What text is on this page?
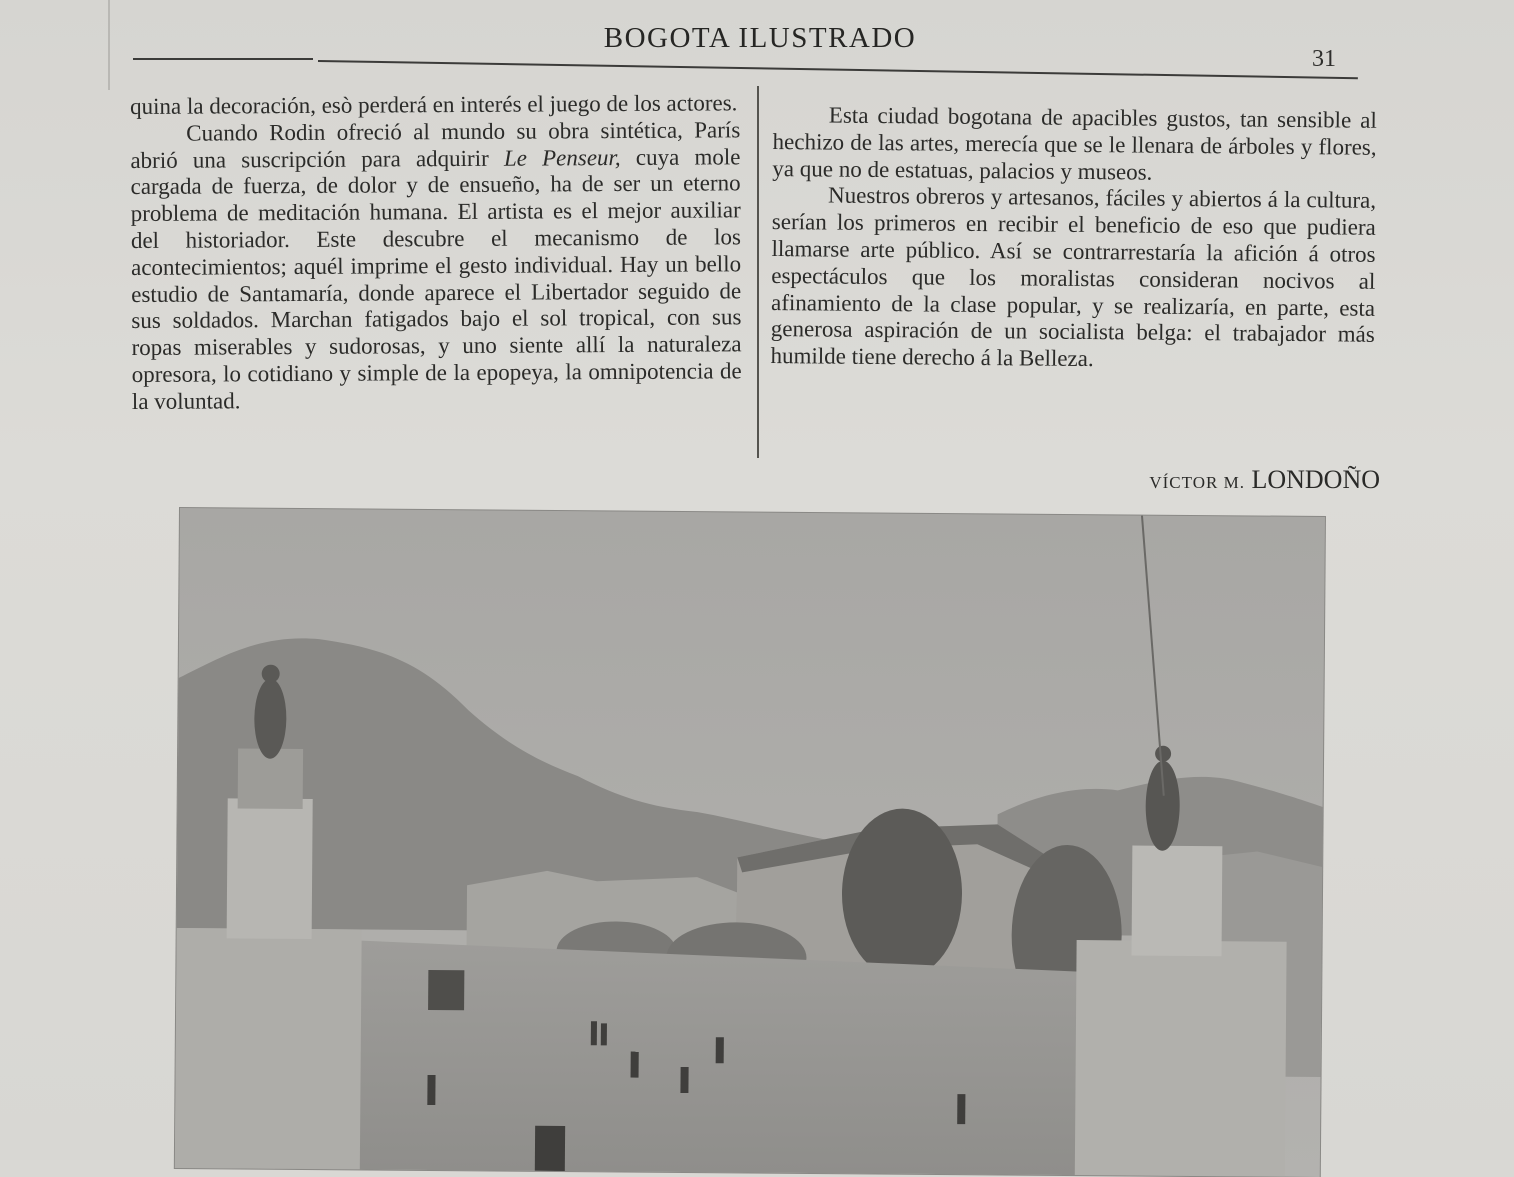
BOGOTA ILUSTRADO
31

quina la decoración, esò perderá en interés el juego de los actores.

Cuando Rodin ofreció al mundo su obra sintética, París abrió una suscripción para adquirir Le Penseur, cuya mole cargada de fuerza, de dolor y de ensueño, ha de ser un eterno problema de meditación humana. El artista es el mejor auxiliar del historiador. Este descubre el mecanismo de los acontecimientos; aquél imprime el gesto individual. Hay un bello estudio de Santamaría, donde aparece el Libertador seguido de sus soldados. Marchan fatigados bajo el sol tropical, con sus ropas miserables y sudorosas, y uno siente allí la naturaleza opresora, lo cotidiano y simple de la epopeya, la omnipotencia de la voluntad.

Esta ciudad bogotana de apacibles gustos, tan sensible al hechizo de las artes, merecía que se le llenara de árboles y flores, ya que no de estatuas, palacios y museos.

Nuestros obreros y artesanos, fáciles y abiertos á la cultura, serían los primeros en recibir el beneficio de eso que pudiera llamarse arte público. Así se contrarrestaría la afición á otros espectáculos que los moralistas consideran nocivos al afinamiento de la clase popular, y se realizaría, en parte, esta generosa aspiración de un socialista belga: el trabajador más humilde tiene derecho á la Belleza.

VÍCTOR M. LONDOÑO
